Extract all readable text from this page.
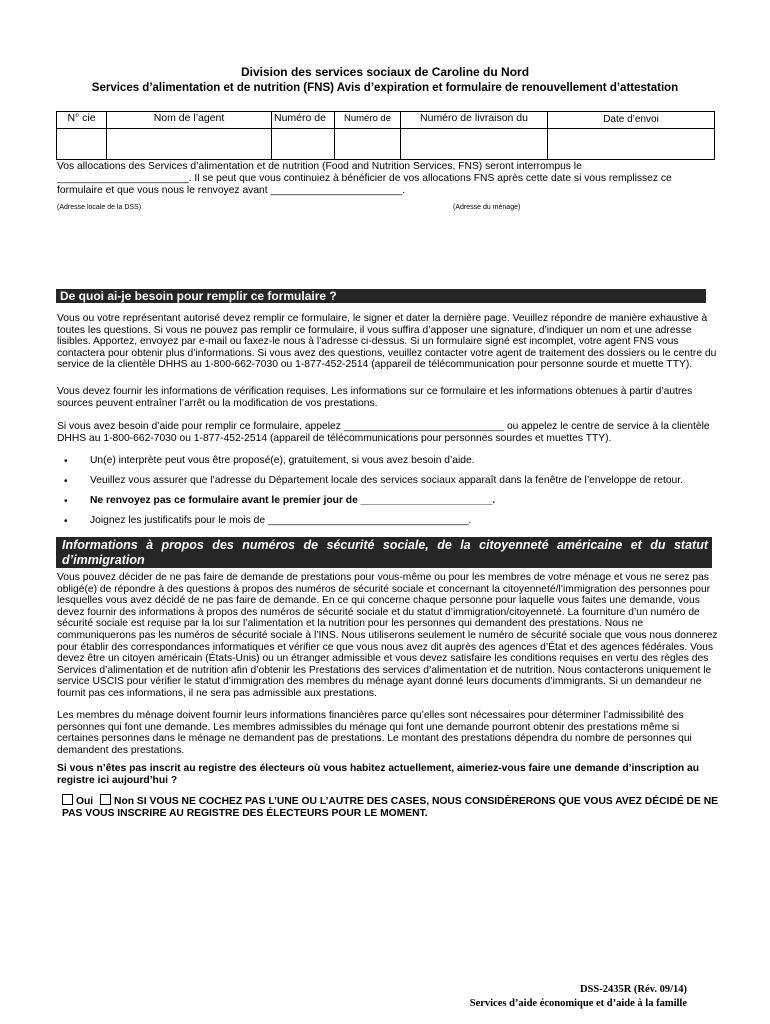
Division des services sociaux de Caroline du Nord
Services d’alimentation et de nutrition (FNS) Avis d’expiration et formulaire de renouvellement d’attestation
N° cie	Nom de l’agent	Numéro de	Numéro de	Numéro de livraison du	Date d’envoi

Vos allocations des Services d’alimentation et de nutrition (Food and Nutrition Services, FNS) seront interrompus le
_______________________. Il se peut que vous continuiez à bénéficier de vos allocations FNS après cette date si vous remplissez ce
formulaire et que vous nous le renvoyez avant _______________________.
(Adresse locale de la DSS)	(Adresse du ménage)
De quoi ai-je besoin pour remplir ce formulaire ?
Vous ou votre représentant autorisé devez remplir ce formulaire, le signer et dater la dernière page. Veuillez répondre de manière exhaustive à
toutes les questions. Si vous ne pouvez pas remplir ce formulaire, il vous suffira d’apposer une signature, d’indiquer un nom et une adresse
lisibles. Apportez, envoyez par e-mail ou faxez-le nous à l’adresse ci-dessus. Si un formulaire signé est incomplet, votre agent FNS vous
contactera pour obtenir plus d’informations. Si vous avez des questions, veuillez contacter votre agent de traitement des dossiers ou le centre du
service de la clientèle DHHS au 1-800-662-7030 ou 1-877-452-2514 (appareil de télécommunication pour personne sourde et muette TTY).
Vous devez fournir les informations de vérification requises. Les informations sur ce formulaire et les informations obtenues à partir d’autres
sources peuvent entraîner l’arrêt ou la modification de vos prestations.
Si vous avez besoin d’aide pour remplir ce formulaire, appelez ____________________________ ou appelez le centre de service à la clientèle
DHHS au 1-800-662-7030 ou 1-877-452-2514 (appareil de télécommunications pour personnes sourdes et muettes TTY).
• Un(e) interprète peut vous être proposé(e), gratuitement, si vous avez besoin d’aide.
• Veuillez vous assurer que l’adresse du Département locale des services sociaux apparaît dans la fenêtre de l’enveloppe de retour.
• Ne renvoyez pas ce formulaire avant le premier jour de _______________________.
• Joignez les justificatifs pour le mois de ___________________________________.
Informations à propos des numéros de sécurité sociale, de la citoyenneté américaine et du statut d’immigration
Vous pouvez décider de ne pas faire de demande de prestations pour vous-même ou pour les membres de votre ménage et vous ne serez pas
obligé(e) de répondre à des questions à propos des numéros de sécurité sociale et concernant la citoyenneté/l’immigration des personnes pour
lesquelles vous avez décidé de ne pas faire de demande. En ce qui concerne chaque personne pour laquelle vous faites une demande, vous
devez fournir des informations à propos des numéros de sécurité sociale et du statut d’immigration/citoyenneté. La fourniture d’un numéro de
sécurité sociale est requise par la loi sur l’alimentation et la nutrition pour les personnes qui demandent des prestations. Nous ne
communiquerons pas les numéros de sécurité sociale à l’INS. Nous utiliserons seulement le numéro de sécurité sociale que vous nous donnerez
pour établir des correspondances informatiques et vérifier ce que vous nous avez dit auprès des agences d’État et des agences fédérales. Vous
devez être un citoyen américain (États-Unis) ou un étranger admissible et vous devez satisfaire les conditions requises en vertu des règles des
Services d’alimentation et de nutrition afin d’obtenir les Prestations des services d’alimentation et de nutrition. Nous contacterons uniquement le
service USCIS pour vérifier le statut d’immigration des membres du ménage ayant donné leurs documents d’immigrants. Si un demandeur ne
fournit pas ces informations, il ne sera pas admissible aux prestations.
Les membres du ménage doivent fournir leurs informations financières parce qu’elles sont nécessaires pour déterminer l’admissibilité des
personnes qui font une demande. Les membres admissibles du ménage qui font une demande pourront obtenir des prestations même si
certaines personnes dans le ménage ne demandent pas de prestations. Le montant des prestations dépendra du nombre de personnes qui
demandent des prestations.
Si vous n’êtes pas inscrit au registre des électeurs où vous habitez actuellement, aimeriez-vous faire une demande d’inscription au
registre ici aujourd’hui ?
Oui Non SI VOUS NE COCHEZ PAS L’UNE OU L’AUTRE DES CASES, NOUS CONSIDÈRERONS QUE VOUS AVEZ DÉCIDÉ DE NE
PAS VOUS INSCRIRE AU REGISTRE DES ÉLECTEURS POUR LE MOMENT.
DSS-2435R (Rév. 09/14)
Services d’aide économique et d’aide à la famille
